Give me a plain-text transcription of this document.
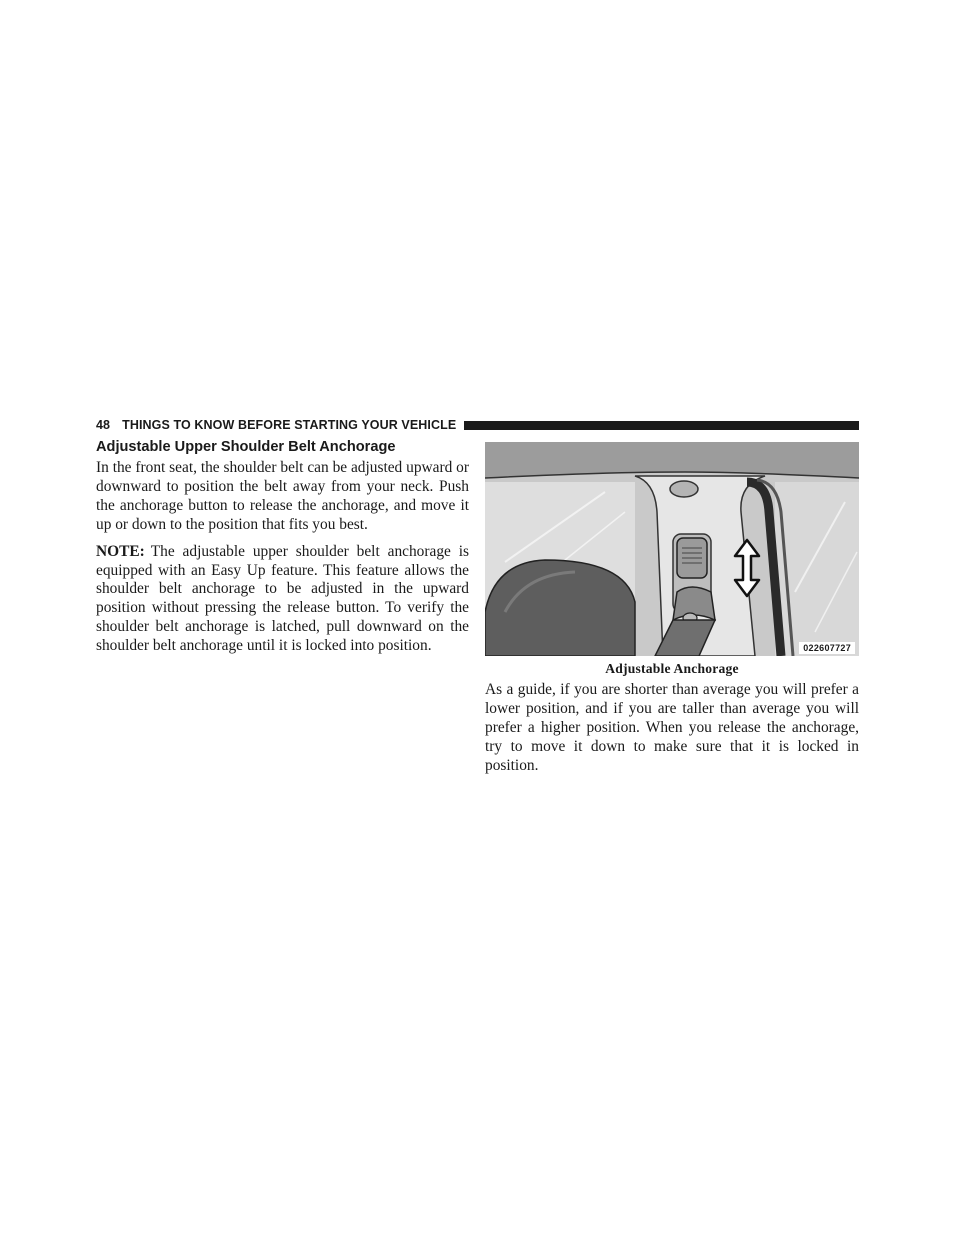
48 THINGS TO KNOW BEFORE STARTING YOUR VEHICLE
Adjustable Upper Shoulder Belt Anchorage

In the front seat, the shoulder belt can be adjusted upward or downward to position the belt away from your neck. Push the anchorage button to release the anchorage, and move it up or down to the position that fits you best.

NOTE: The adjustable upper shoulder belt anchorage is equipped with an Easy Up feature. This feature allows the shoulder belt anchorage to be adjusted in the upward position without pressing the release button. To verify the shoulder belt anchorage is latched, pull downward on the shoulder belt anchorage until it is locked into position.	022607727
Adjustable Anchorage

As a guide, if you are shorter than average you will prefer a lower position, and if you are taller than average you will prefer a higher position. When you release the anchorage, try to move it down to make sure that it is locked in position.
